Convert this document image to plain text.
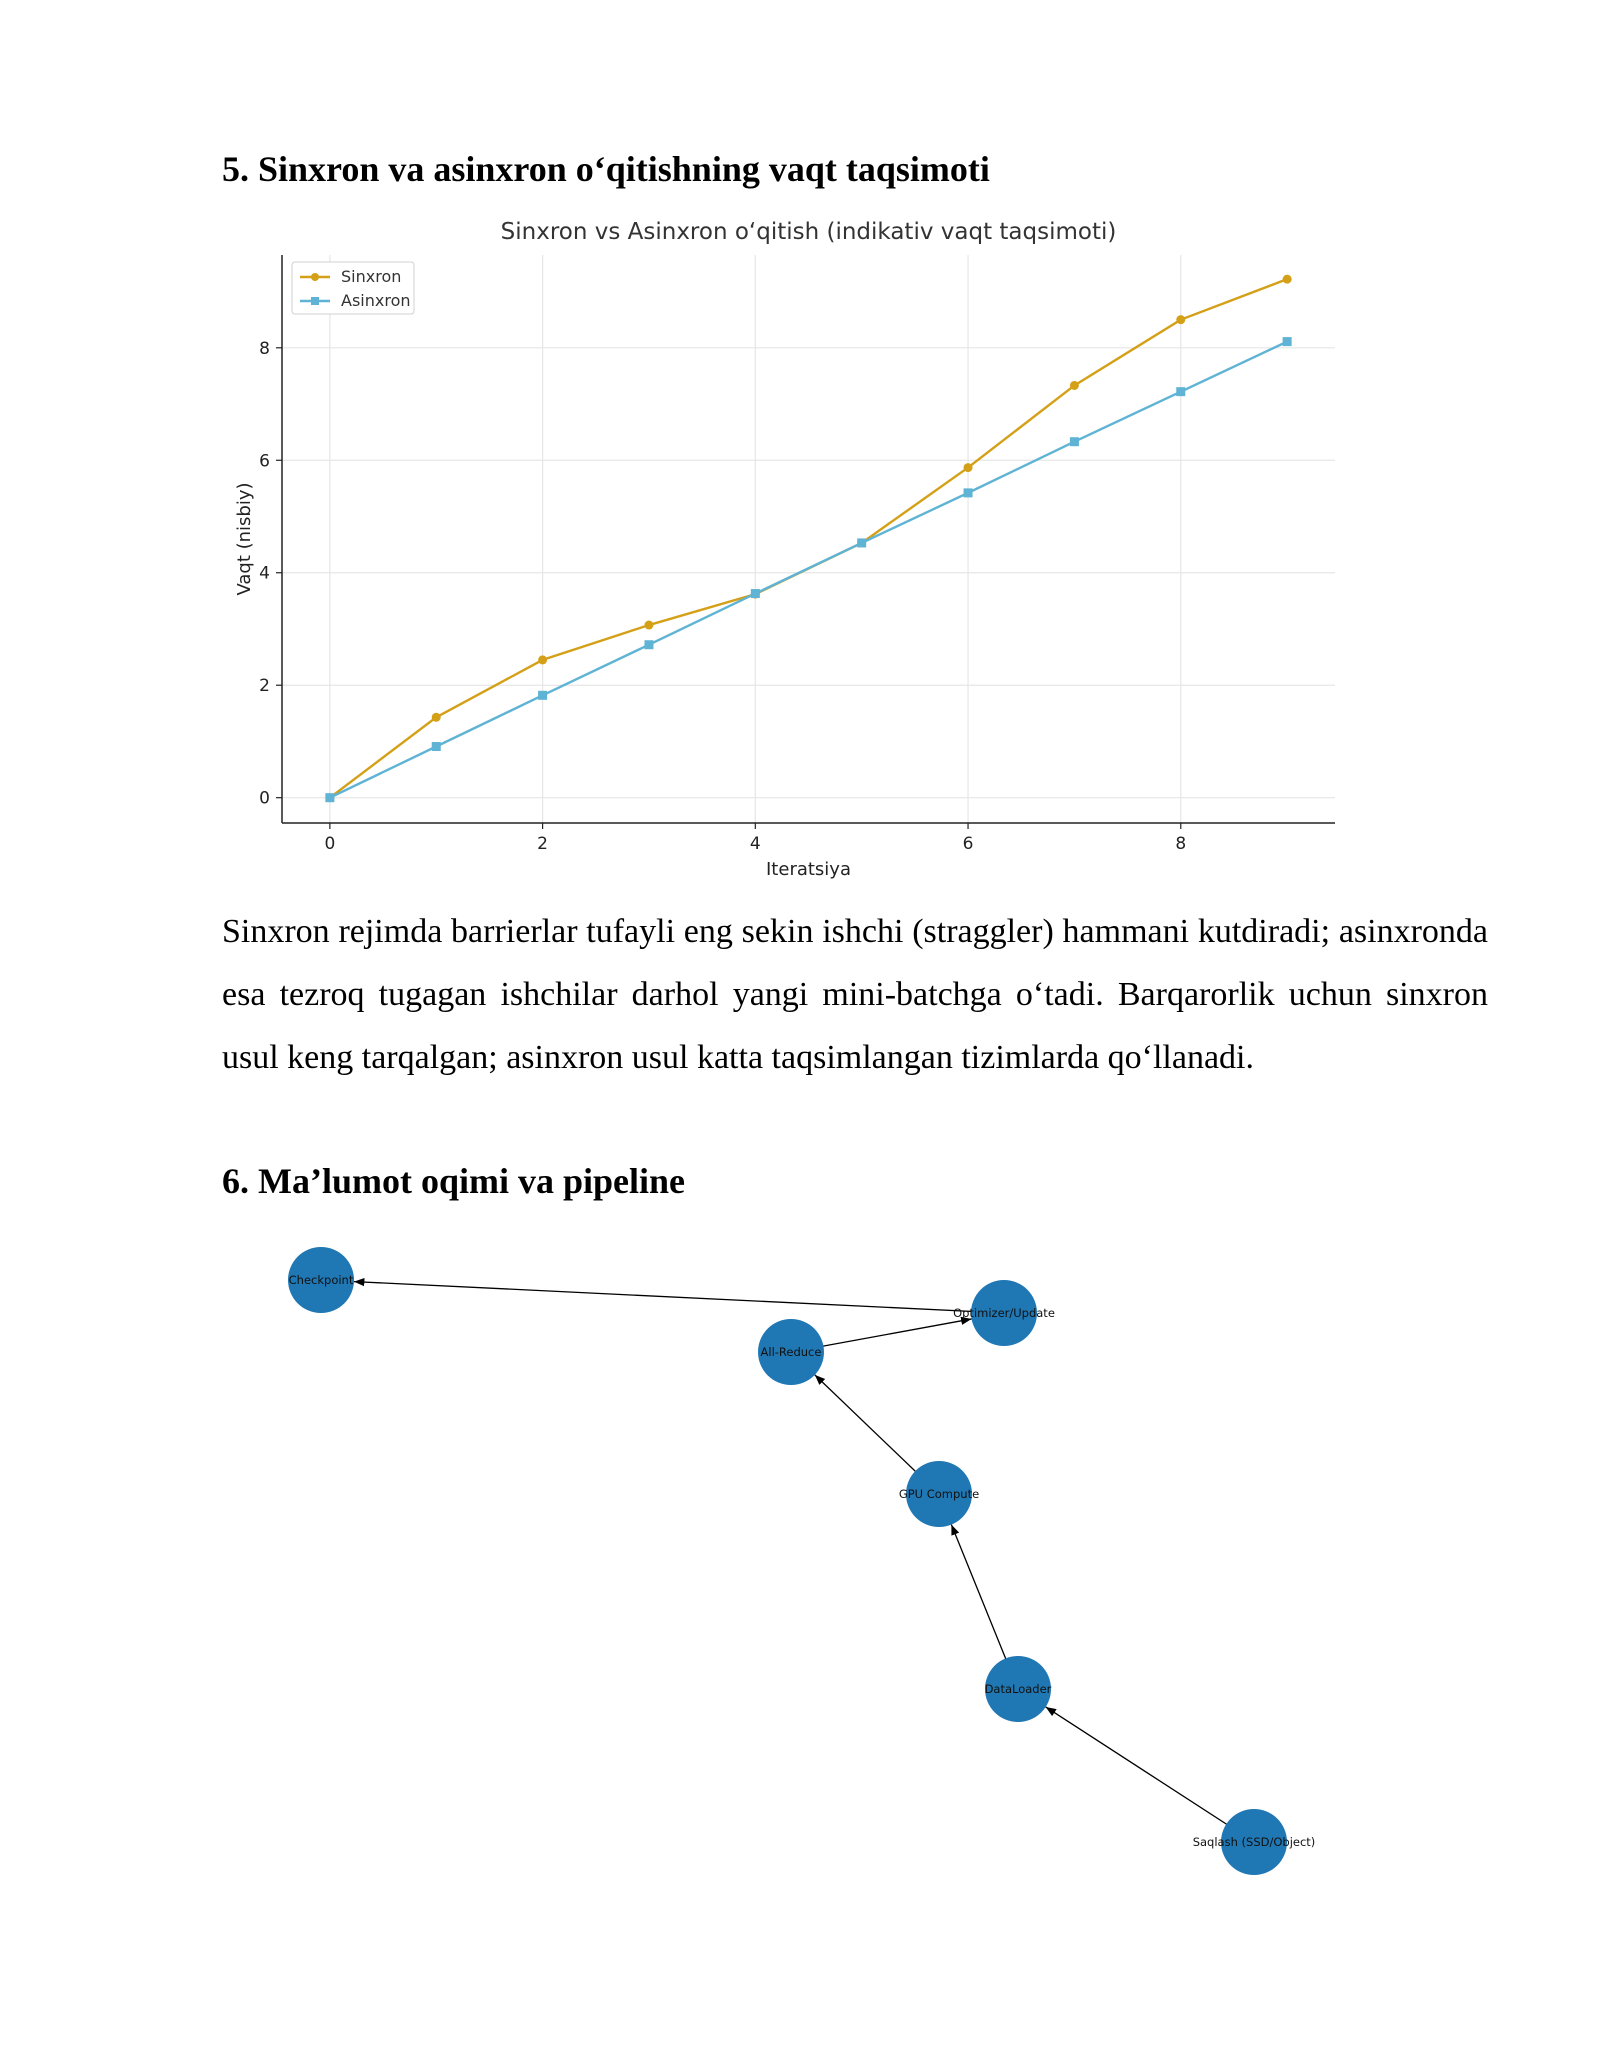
5. Sinxron va asinxron o‘qitishning vaqt taqsimoti
Sinxron vs Asinxron o‘qitish (indikativ vaqt taqsimoti)
0	2	4	6	8
0
2
4
6
8
Iteratsiya
Vaqt (nisbiy)
Sinxron
Asinxron

Sinxron rejimda barrierlar tufayli eng sekin ishchi (straggler) hammani kutdiradi; asinxronda esa tezroq tugagan ishchilar darhol yangi mini-batchga o‘tadi. Barqarorlik uchun sinxron usul keng tarqalgan; asinxron usul katta taqsimlangan tizimlarda qo‘llanadi.

6. Ma’lumot oqimi va pipeline
Saqlash (SSD/Object)
DataLoader
GPU Compute
All-Reduce
Optimizer/Update
Checkpoint
